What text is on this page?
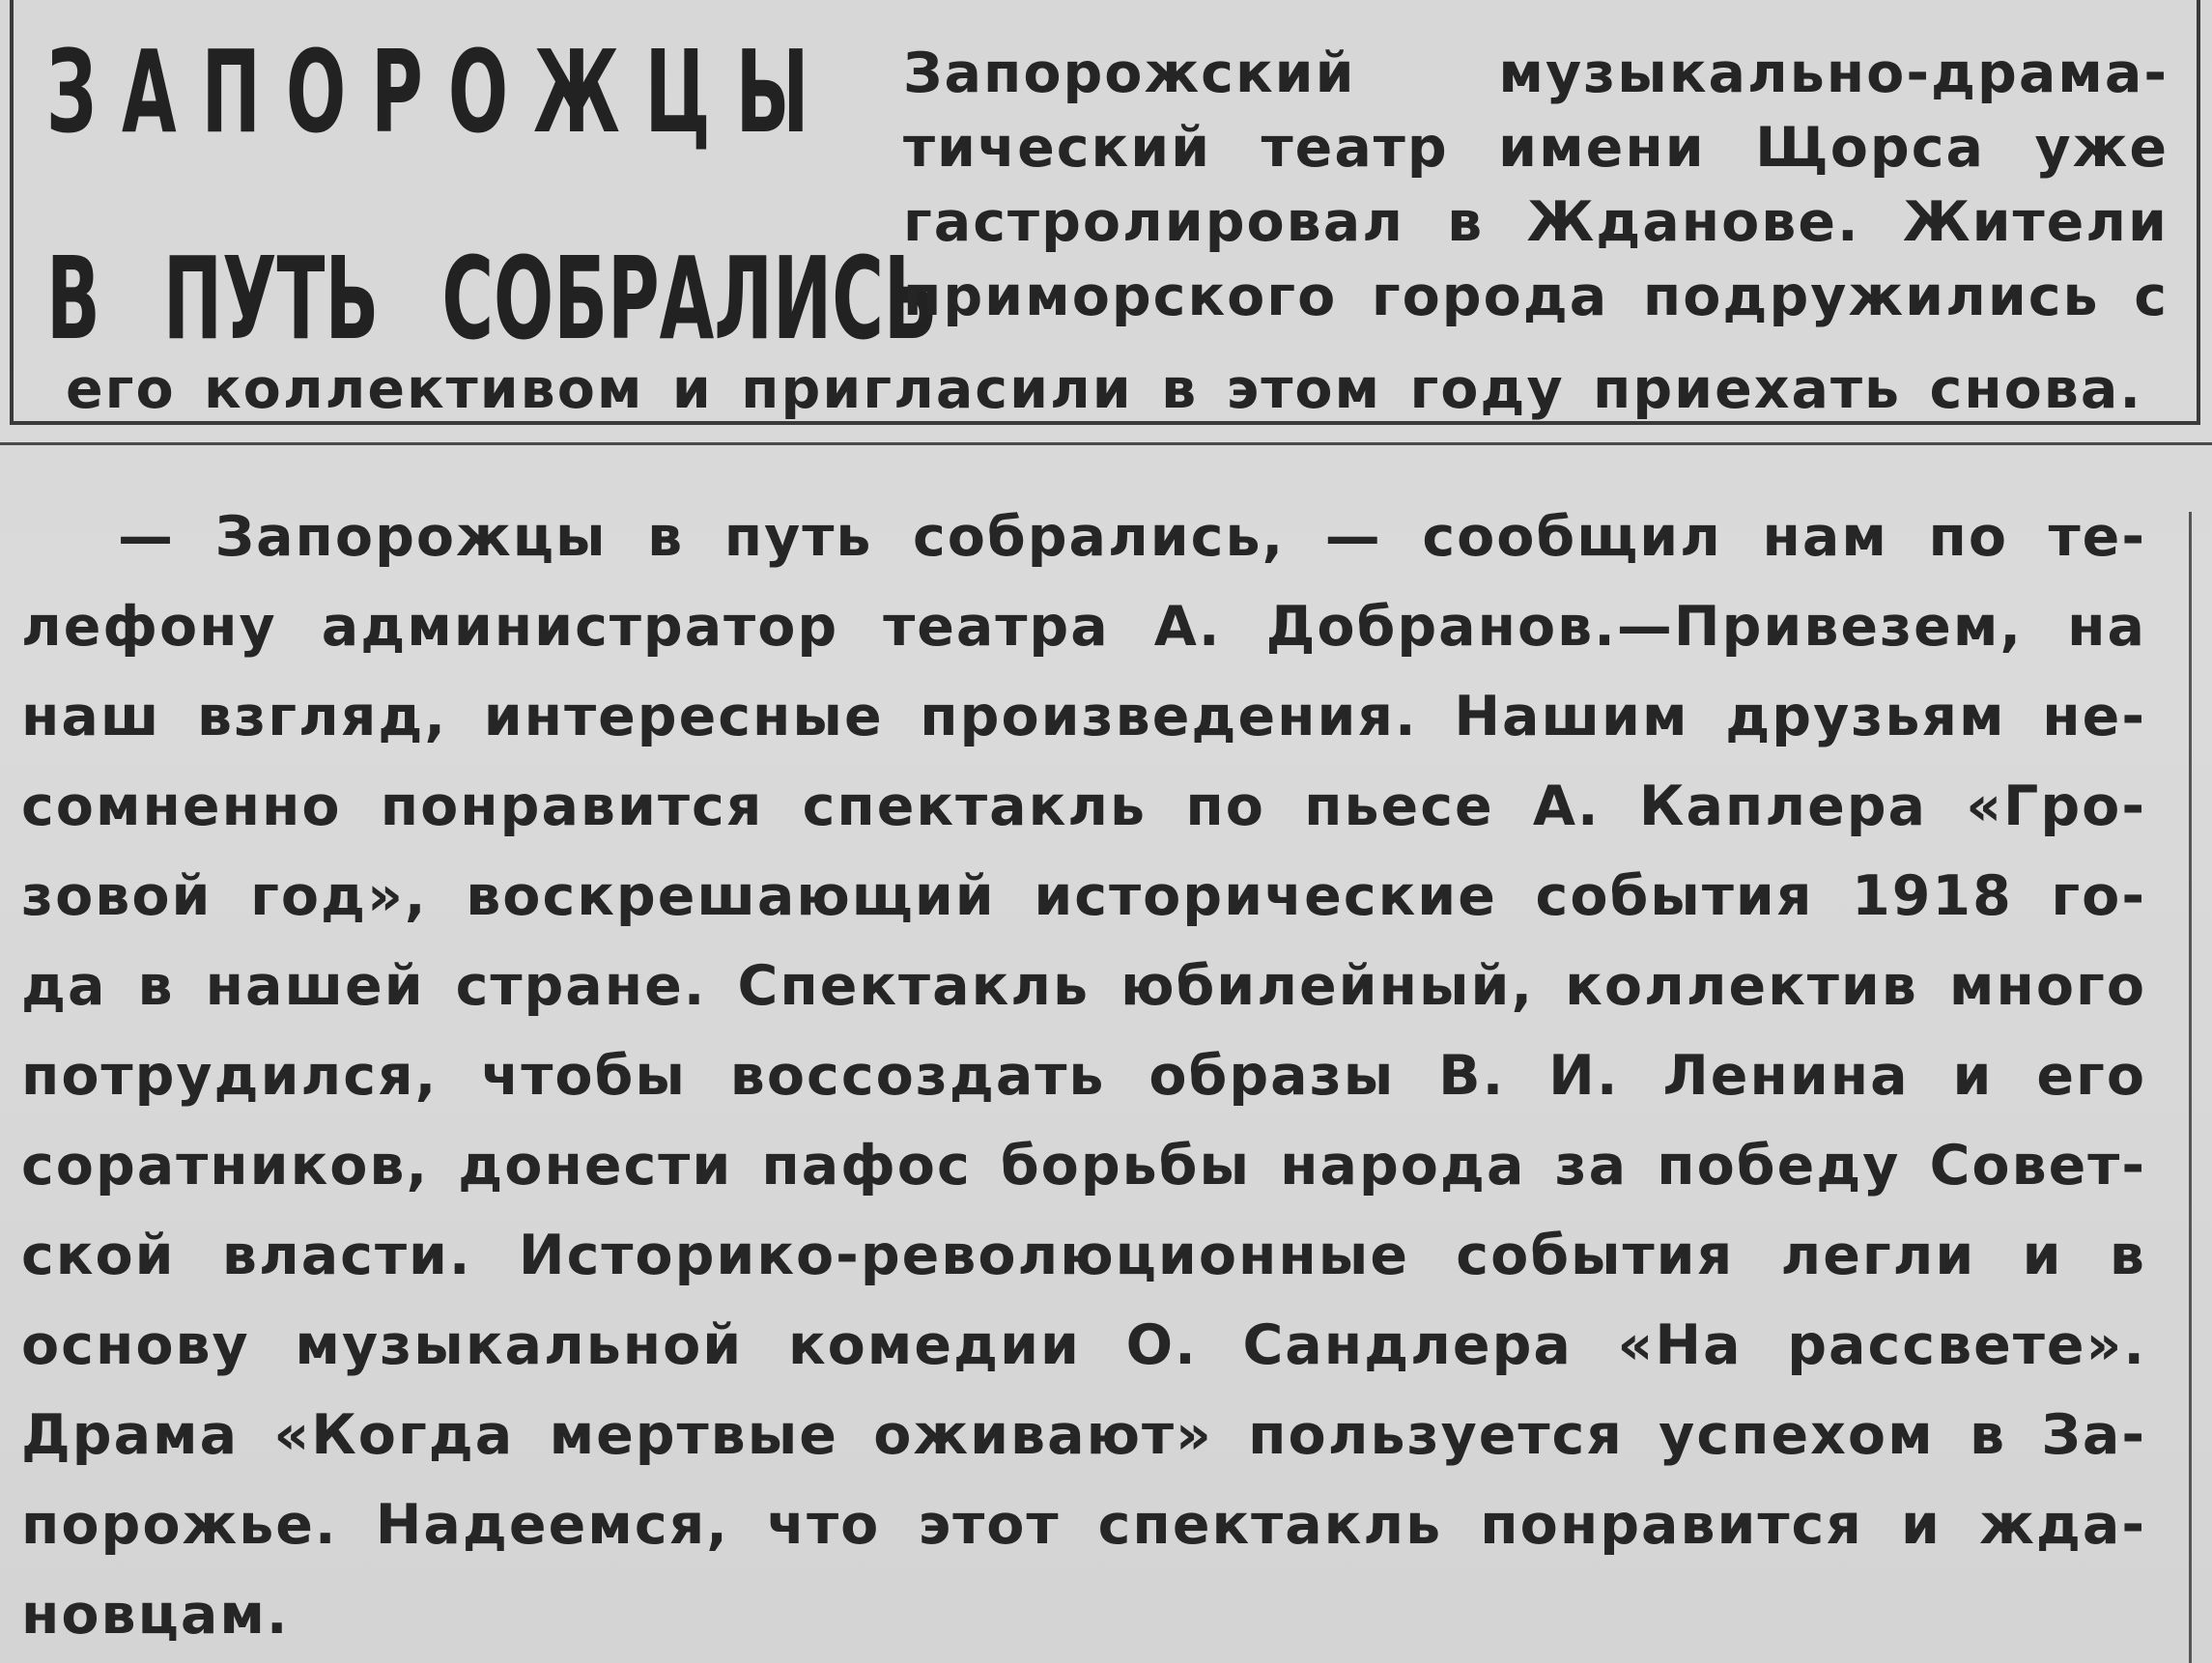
ЗАПОРОЖЦЫ
В ПУТЬ СОБРАЛИСЬ
Запорожский музыкально-драма-
тический театр имени Щорса уже
гастролировал в Жданове. Жители
приморского города подружились с
его коллективом и пригласили в этом году приехать снова.
— Запорожцы в путь собрались, — сообщил нам по те-
лефону администратор театра А. Добранов.—Привезем, на
наш взгляд, интересные произведения. Нашим друзьям не-
сомненно понравится спектакль по пьесе А. Каплера «Гро-
зовой год», воскрешающий исторические события 1918 го-
да в нашей стране. Спектакль юбилейный, коллектив много
потрудился, чтобы воссоздать образы В. И. Ленина и его
соратников, донести пафос борьбы народа за победу Совет-
ской власти. Историко-революционные события легли и в
основу музыкальной комедии О. Сандлера «На рассвете».
Драма «Когда мертвые оживают» пользуется успехом в За-
порожье. Надеемся, что этот спектакль понравится и жда-
новцам.
